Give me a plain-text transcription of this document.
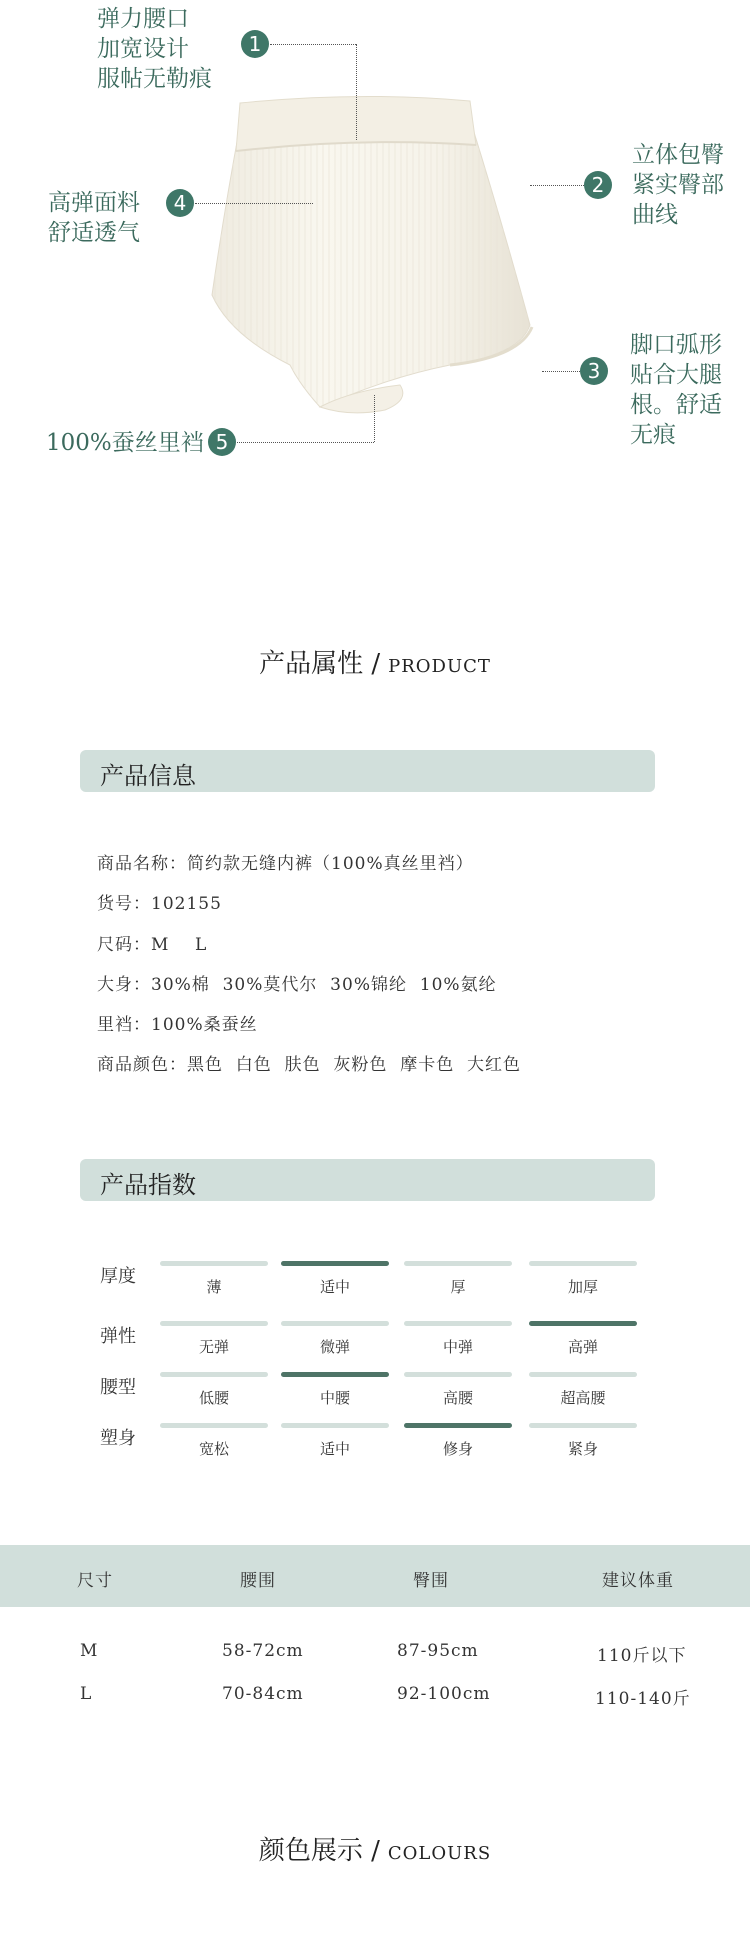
弹力腰口
加宽设计
服帖无勒痕
1
立体包臀
紧实臀部
曲线
2
脚口弧形
贴合大腿
根。舒适
无痕
3
高弹面料
舒适透气
4
100%蚕丝里裆 5
产品属性 / PRODUCT
产品信息
商品名称：简约款无缝内裤（100%真丝里裆）
货号：102155
尺码：M    L
大身：30%棉  30%莫代尔  30%锦纶  10%氨纶
里裆：100%桑蚕丝
商品颜色：黑色  白色  肤色  灰粉色  摩卡色  大红色
产品指数
厚度	薄	适中	厚	加厚
弹性	无弹	微弹	中弹	高弹
腰型	低腰	中腰	高腰	超高腰
塑身	宽松	适中	修身	紧身
尺寸	腰围	臀围	建议体重
M	58-72cm	87-95cm	110斤以下
L	70-84cm	92-100cm	110-140斤
颜色展示 / COLOURS
